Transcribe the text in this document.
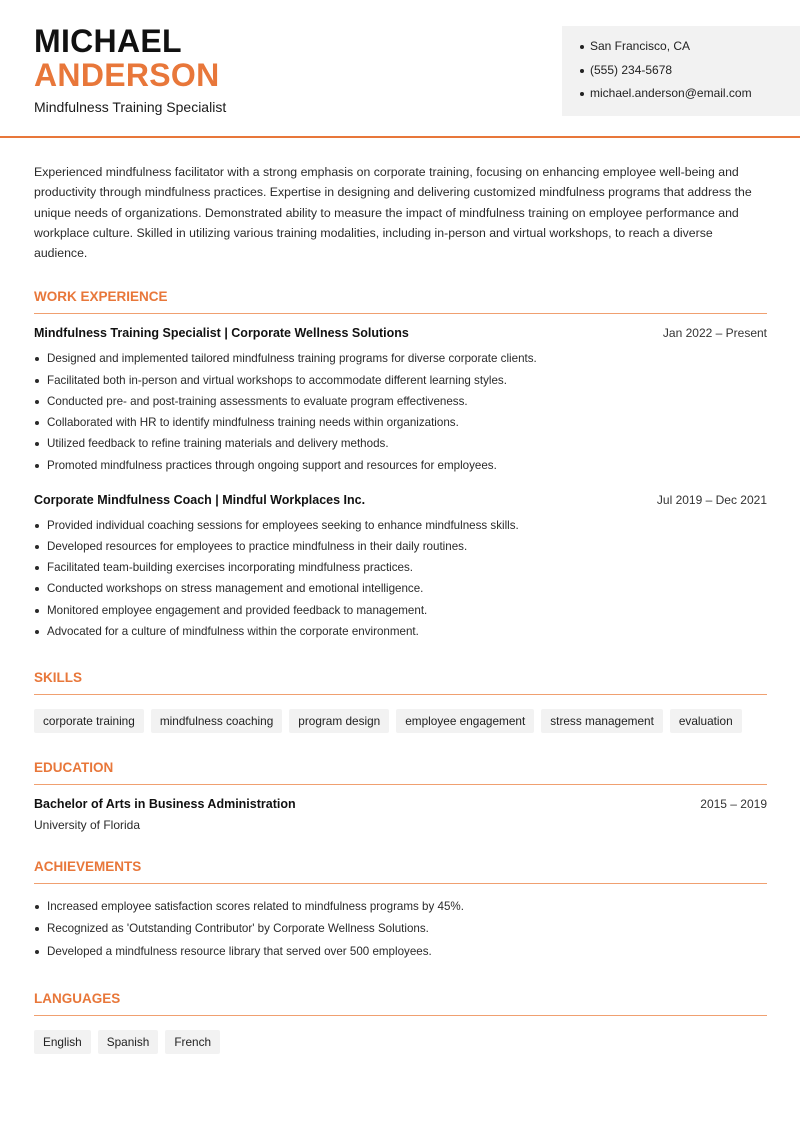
MICHAEL
ANDERSON
Mindfulness Training Specialist
San Francisco, CA
(555) 234-5678
michael.anderson@email.com

Experienced mindfulness facilitator with a strong emphasis on corporate training, focusing on enhancing employee well-being and productivity through mindfulness practices. Expertise in designing and delivering customized mindfulness programs that address the unique needs of organizations. Demonstrated ability to measure the impact of mindfulness training on employee performance and workplace culture. Skilled in utilizing various training modalities, including in-person and virtual workshops, to reach a diverse audience.

WORK EXPERIENCE
Mindfulness Training Specialist | Corporate Wellness Solutions	Jan 2022 – Present
Designed and implemented tailored mindfulness training programs for diverse corporate clients.
Facilitated both in-person and virtual workshops to accommodate different learning styles.
Conducted pre- and post-training assessments to evaluate program effectiveness.
Collaborated with HR to identify mindfulness training needs within organizations.
Utilized feedback to refine training materials and delivery methods.
Promoted mindfulness practices through ongoing support and resources for employees.
Corporate Mindfulness Coach | Mindful Workplaces Inc.	Jul 2019 – Dec 2021
Provided individual coaching sessions for employees seeking to enhance mindfulness skills.
Developed resources for employees to practice mindfulness in their daily routines.
Facilitated team-building exercises incorporating mindfulness practices.
Conducted workshops on stress management and emotional intelligence.
Monitored employee engagement and provided feedback to management.
Advocated for a culture of mindfulness within the corporate environment.
SKILLS
corporate training	mindfulness coaching	program design	employee engagement	stress management	evaluation
EDUCATION
Bachelor of Arts in Business Administration	2015 – 2019
University of Florida
ACHIEVEMENTS
Increased employee satisfaction scores related to mindfulness programs by 45%.
Recognized as 'Outstanding Contributor' by Corporate Wellness Solutions.
Developed a mindfulness resource library that served over 500 employees.
LANGUAGES
English	Spanish	French
